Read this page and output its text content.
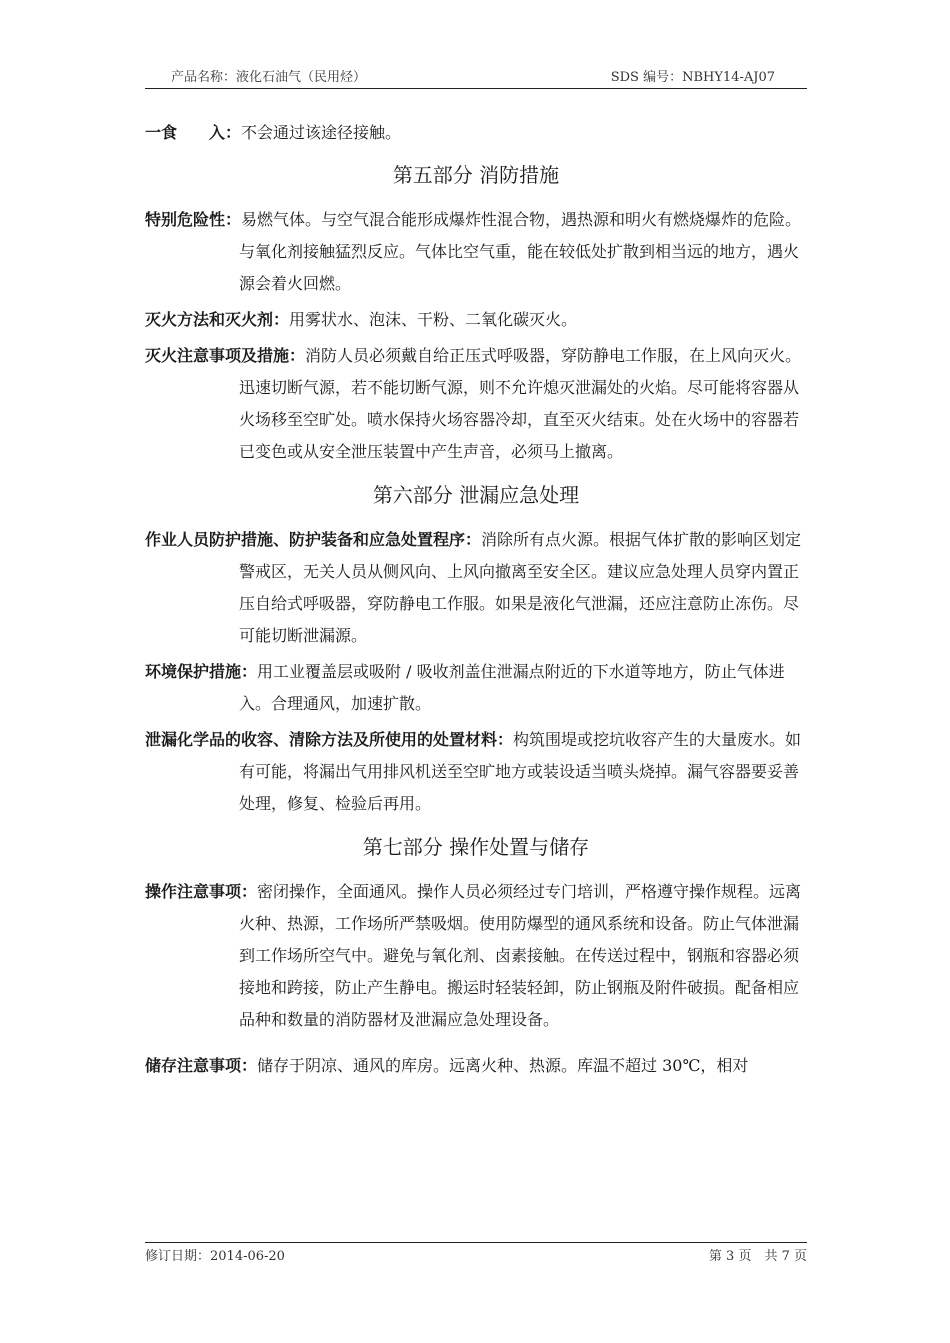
产品名称：液化石油气（民用烃）	SDS 编号：NBHY14-AJ07
一食　　入：不会通过该途径接触。
第五部分 消防措施

特别危险性：易燃气体。与空气混合能形成爆炸性混合物，遇热源和明火有燃烧爆炸的危险。与氧化剂接触猛烈反应。气体比空气重，能在较低处扩散到相当远的地方，遇火源会着火回燃。

灭火方法和灭火剂：用雾状水、泡沫、干粉、二氧化碳灭火。

灭火注意事项及措施：消防人员必须戴自给正压式呼吸器，穿防静电工作服，在上风向灭火。迅速切断气源，若不能切断气源，则不允许熄灭泄漏处的火焰。尽可能将容器从火场移至空旷处。喷水保持火场容器冷却，直至灭火结束。处在火场中的容器若已变色或从安全泄压装置中产生声音，必须马上撤离。

第六部分 泄漏应急处理

作业人员防护措施、防护装备和应急处置程序：消除所有点火源。根据气体扩散的影响区划定警戒区，无关人员从侧风向、上风向撤离至安全区。建议应急处理人员穿内置正压自给式呼吸器，穿防静电工作服。如果是液化气泄漏，还应注意防止冻伤。尽可能切断泄漏源。

环境保护措施：用工业覆盖层或吸附 / 吸收剂盖住泄漏点附近的下水道等地方，防止气体进入。合理通风，加速扩散。

泄漏化学品的收容、清除方法及所使用的处置材料：构筑围堤或挖坑收容产生的大量废水。如有可能，将漏出气用排风机送至空旷地方或装设适当喷头烧掉。漏气容器要妥善处理，修复、检验后再用。

第七部分 操作处置与储存

操作注意事项：密闭操作，全面通风。操作人员必须经过专门培训，严格遵守操作规程。远离火种、热源，工作场所严禁吸烟。使用防爆型的通风系统和设备。防止气体泄漏到工作场所空气中。避免与氧化剂、卤素接触。在传送过程中，钢瓶和容器必须接地和跨接，防止产生静电。搬运时轻装轻卸，防止钢瓶及附件破损。配备相应品种和数量的消防器材及泄漏应急处理设备。

储存注意事项：储存于阴凉、通风的库房。远离火种、热源。库温不超过 30℃，相对

修订日期：2014-06-20	第 3 页　共 7 页
